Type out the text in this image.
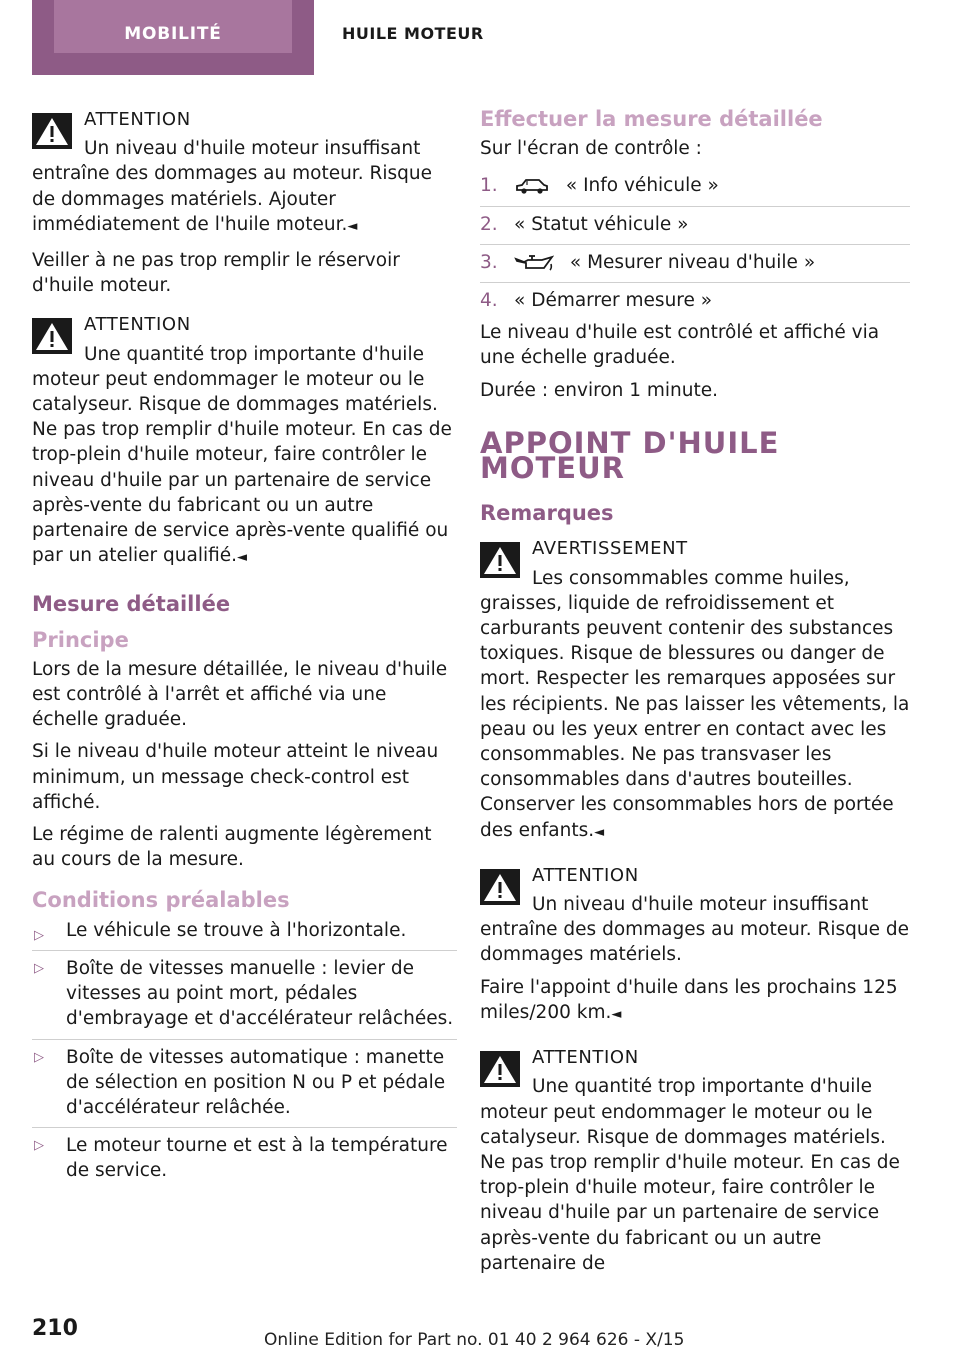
MOBILITÉ	HUILE MOTEUR
ATTENTION

Un niveau d'huile moteur insuffisant entraîne des dommages au moteur. Risque de dommages matériels. Ajouter immédiatement de l'huile moteur.◄

Veiller à ne pas trop remplir le réservoir d'huile moteur.

ATTENTION

Une quantité trop importante d'huile moteur peut endommager le moteur ou le catalyseur. Risque de dommages matériels. Ne pas trop remplir d'huile moteur. En cas de trop-plein d'huile moteur, faire contrôler le niveau d'huile par un partenaire de service après-vente du fabricant ou un autre partenaire de service après-vente qualifié ou par un atelier qualifié.◄

Mesure détaillée
Principe

Lors de la mesure détaillée, le niveau d'huile est contrôlé à l'arrêt et affiché via une échelle graduée.

Si le niveau d'huile moteur atteint le niveau minimum, un message check-control est affiché.

Le régime de ralenti augmente légèrement au cours de la mesure.

Conditions préalables
▷ Le véhicule se trouve à l'horizontale.
▷ Boîte de vitesses manuelle : levier de vitesses au point mort, pédales d'embrayage et d'accélérateur relâchées.
▷ Boîte de vitesses automatique : manette de sélection en position N ou P et pédale d'accélérateur relâchée.
▷ Le moteur tourne et est à la température de service.
Effectuer la mesure détaillée

Sur l'écran de contrôle :

1.	« Info véhicule »
2. « Statut véhicule »
3.	« Mesurer niveau d'huile »
4. « Démarrer mesure »

Le niveau d'huile est contrôlé et affiché via une échelle graduée.

Durée : environ 1 minute.

APPOINT D'HUILE MOTEUR
Remarques
AVERTISSEMENT

Les consommables comme huiles, graisses, liquide de refroidissement et carburants peuvent contenir des substances toxiques. Risque de blessures ou danger de mort. Respecter les remarques apposées sur les récipients. Ne pas laisser les vêtements, la peau ou les yeux entrer en contact avec les consommables. Ne pas transvaser les consommables dans d'autres bouteilles. Conserver les consommables hors de portée des enfants.◄

ATTENTION

Un niveau d'huile moteur insuffisant entraîne des dommages au moteur. Risque de dommages matériels.

Faire l'appoint d'huile dans les prochains 125 miles/200 km.◄

ATTENTION

Une quantité trop importante d'huile moteur peut endommager le moteur ou le catalyseur. Risque de dommages matériels. Ne pas trop remplir d'huile moteur. En cas de trop-plein d'huile moteur, faire contrôler le niveau d'huile par un partenaire de service après-vente du fabricant ou un autre partenaire de

210	Online Edition for Part no. 01 40 2 964 626 - X/15
